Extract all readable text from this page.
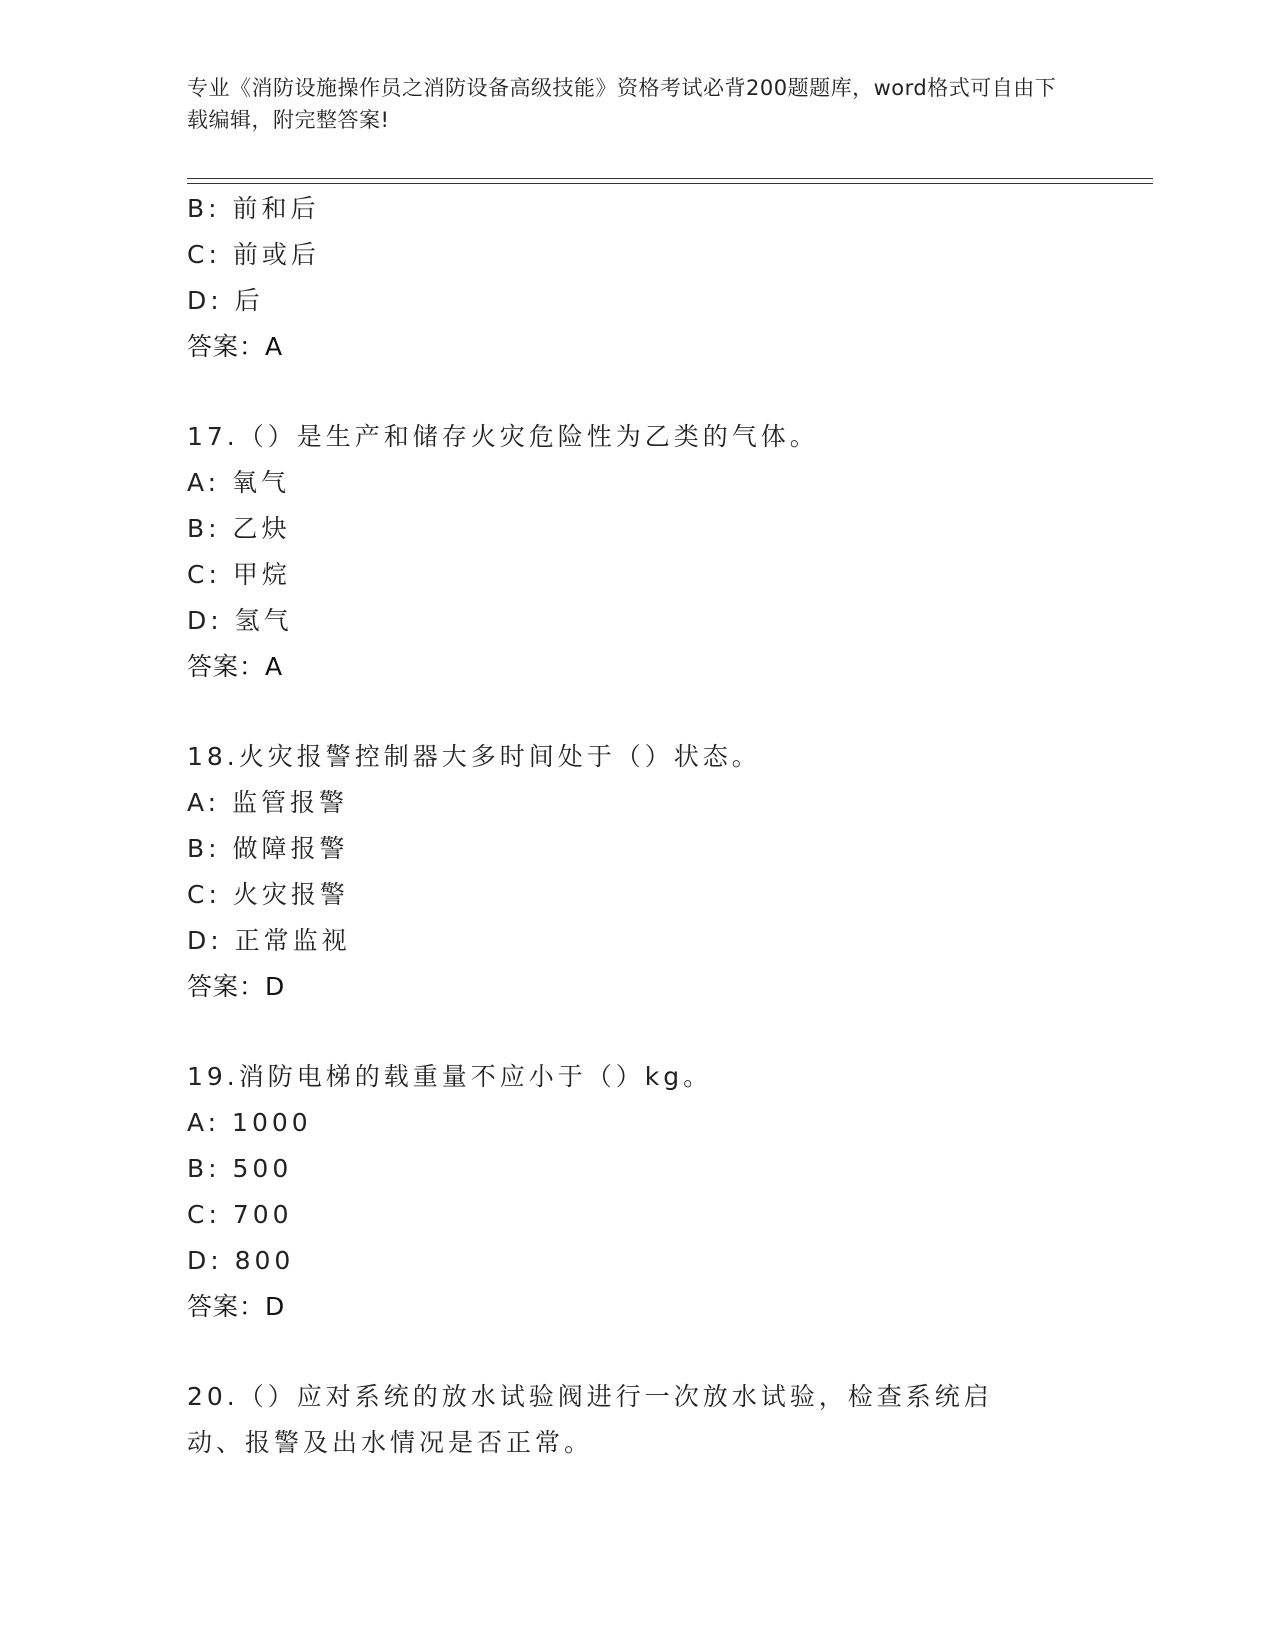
专业《消防设施操作员之消防设备高级技能》资格考试必背200题题库，word格式可自由下载编辑，附完整答案!
B: 前和后
C: 前或后
D: 后
答案：A
17.（）是生产和储存火灾危险性为乙类的气体。
A: 氧气
B: 乙炔
C: 甲烷
D: 氢气
答案：A
18.火灾报警控制器大多时间处于（）状态。
A: 监管报警
B: 做障报警
C: 火灾报警
D: 正常监视
答案：D
19.消防电梯的载重量不应小于（）kg。
A: 1000
B: 500
C: 700
D: 800
答案：D
20.（）应对系统的放水试验阀进行一次放水试验，检查系统启动、报警及出水情况是否正常。
